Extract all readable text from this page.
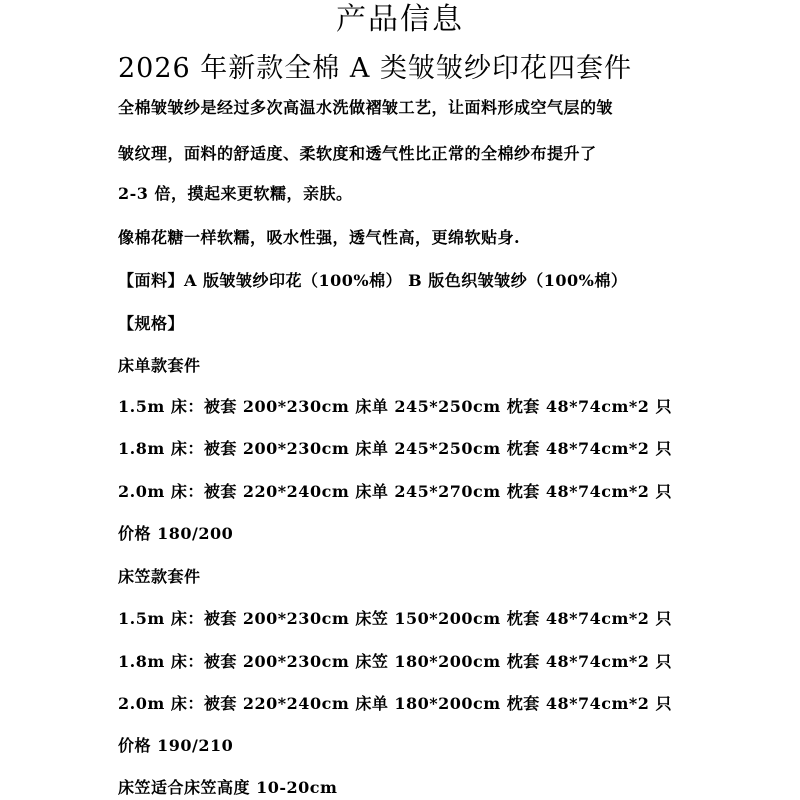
产品信息
2026 年新款全棉 A 类皱皱纱印花四套件
全棉皱皱纱是经过多次高温水洗做褶皱工艺，让面料形成空气层的皱
皱纹理，面料的舒适度、柔软度和透气性比正常的全棉纱布提升了
2-3 倍，摸起来更软糯，亲肤。
像棉花糖一样软糯，吸水性强，透气性高，更绵软贴身.
【面料】A 版皱皱纱印花（100%棉） B 版色织皱皱纱（100%棉）
【规格】
床单款套件
1.5m 床：被套 200*230cm 床单 245*250cm 枕套 48*74cm*2 只
1.8m 床：被套 200*230cm 床单 245*250cm 枕套 48*74cm*2 只
2.0m 床：被套 220*240cm 床单 245*270cm 枕套 48*74cm*2 只
价格 180/200
床笠款套件
1.5m 床：被套 200*230cm 床笠 150*200cm 枕套 48*74cm*2 只
1.8m 床：被套 200*230cm 床笠 180*200cm 枕套 48*74cm*2 只
2.0m 床：被套 220*240cm 床单 180*200cm 枕套 48*74cm*2 只
价格 190/210
床笠适合床笠高度 10-20cm
